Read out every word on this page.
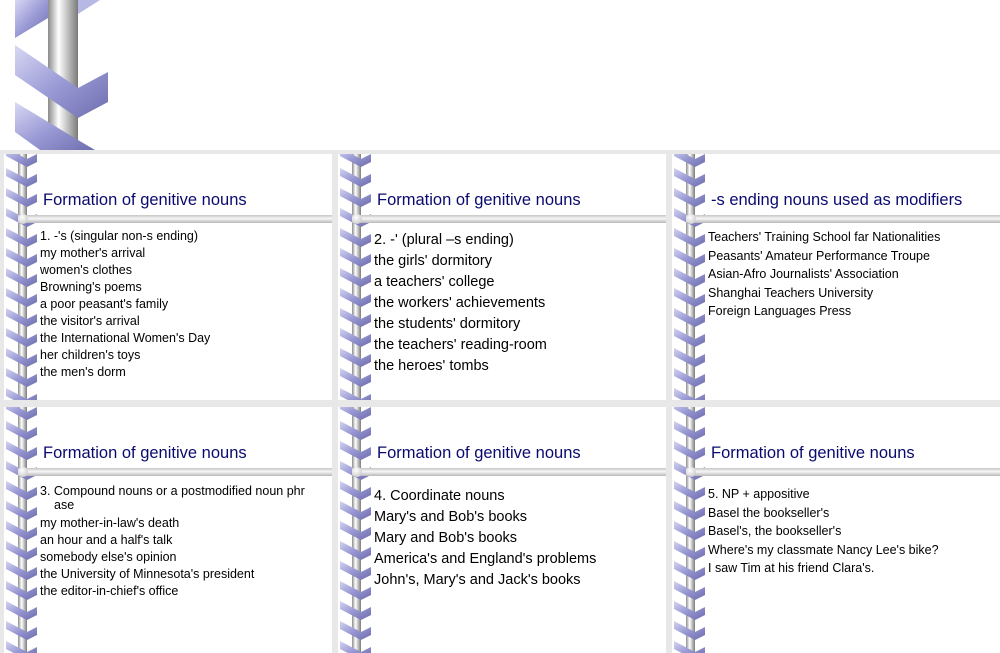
Formation of genitive nouns
1. -'s (singular non-s ending)
my mother's arrival
women's clothes
Browning's poems
a poor peasant's family
the visitor's arrival
the International Women's Day
her children's toys
the men's dorm
Formation of genitive nouns
2. -' (plural –s ending)
the girls' dormitory
a teachers' college
the workers' achievements
the students' dormitory
the teachers' reading-room
the heroes' tombs
-s ending nouns used as modifiers
Teachers' Training School far Nationalities
Peasants' Amateur Performance Troupe
Asian-Afro Journalists' Association
Shanghai Teachers University
Foreign Languages Press
Formation of genitive nouns
3. Compound nouns or a postmodified noun phr ase
my mother-in-law's death
an hour and a half's talk
somebody else's opinion
the University of Minnesota's president
the editor-in-chief's office
Formation of genitive nouns
4. Coordinate nouns
Mary's and Bob's books
Mary and Bob's books
America's and England's problems
John's, Mary's and Jack's books
Formation of genitive nouns
5. NP + appositive
Basel the bookseller's
Basel's, the bookseller's
Where's my classmate Nancy Lee's bike?
I saw Tim at his friend Clara's.
